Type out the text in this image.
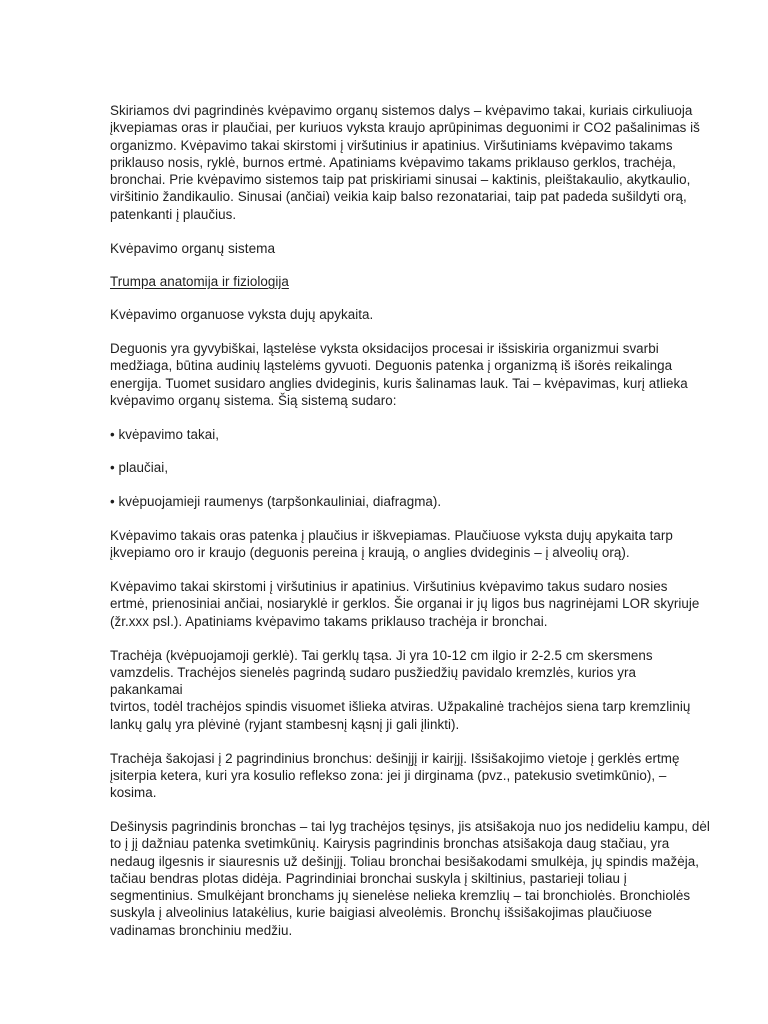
Skiriamos dvi pagrindinės kvėpavimo organų sistemos dalys – kvėpavimo takai, kuriais cirkuliuoja
įkvepiamas oras ir plaučiai, per kuriuos vyksta kraujo aprūpinimas deguonimi ir CO2 pašalinimas iš
organizmo. Kvėpavimo takai skirstomi į viršutinius ir apatinius. Viršutiniams kvėpavimo takams
priklauso nosis, ryklė, burnos ertmė. Apatiniams kvėpavimo takams priklauso gerklos, trachėja,
bronchai. Prie kvėpavimo sistemos taip pat priskiriami sinusai – kaktinis, pleištakaulio, akytkaulio,
viršitinio žandikaulio. Sinusai (ančiai) veikia kaip balso rezonatariai, taip pat padeda sušildyti orą,
patenkanti į plaučius.

Kvėpavimo organų sistema

Trumpa anatomija ir fiziologija

Kvėpavimo organuose vyksta dujų apykaita.

Deguonis yra gyvybiškai, ląstelėse vyksta oksidacijos procesai ir išsiskiria organizmui svarbi
medžiaga, būtina audinių ląstelėms gyvuoti. Deguonis patenka į organizmą iš išorės reikalinga
energija. Tuomet susidaro anglies dvideginis, kuris šalinamas lauk. Tai – kvėpavimas, kurį atlieka
kvėpavimo organų sistema. Šią sistemą sudaro:

• kvėpavimo takai,

• plaučiai,

• kvėpuojamieji raumenys (tarpšonkauliniai, diafragma).

Kvėpavimo takais oras patenka į plaučius ir iškvepiamas. Plaučiuose vyksta dujų apykaita tarp
įkvepiamo oro ir kraujo (deguonis pereina į kraują, o anglies dvideginis – į alveolių orą).

Kvėpavimo takai skirstomi į viršutinius ir apatinius. Viršutinius kvėpavimo takus sudaro nosies
ertmė, prienosiniai ančiai, nosiaryklė ir gerklos. Šie organai ir jų ligos bus nagrinėjami LOR skyriuje
(žr.xxx psl.). Apatiniams kvėpavimo takams priklauso trachėja ir bronchai.

Trachėja (kvėpuojamoji gerklė). Tai gerklų tąsa. Ji yra 10-12 cm ilgio ir 2-2.5 cm skersmens
vamzdelis. Trachėjos sienelės pagrindą sudaro pusžiedžių pavidalo kremzlės, kurios yra pakankamai
tvirtos, todėl trachėjos spindis visuomet išlieka atviras. Užpakalinė trachėjos siena tarp kremzlinių
lankų galų yra plėvinė (ryjant stambesnį kąsnį ji gali įlinkti).

Trachėja šakojasi į 2 pagrindinius bronchus: dešinįjį ir kairįjį. Išsišakojimo vietoje į gerklės ertmę
įsiterpia ketera, kuri yra kosulio reflekso zona: jei ji dirginama (pvz., patekusio svetimkūnio), –
kosima.

Dešinysis pagrindinis bronchas – tai lyg trachėjos tęsinys, jis atsišakoja nuo jos nedideliu kampu, dėl
to į jį dažniau patenka svetimkūnių. Kairysis pagrindinis bronchas atsišakoja daug stačiau, yra
nedaug ilgesnis ir siauresnis už dešinįjį. Toliau bronchai besišakodami smulkėja, jų spindis mažėja,
tačiau bendras plotas didėja. Pagrindiniai bronchai suskyla į skiltinius, pastarieji toliau į
segmentinius. Smulkėjant bronchams jų sienelėse nelieka kremzlių – tai bronchiolės. Bronchiolės
suskyla į alveolinius latakėlius, kurie baigiasi alveolėmis. Bronchų išsišakojimas plaučiuose
vadinamas bronchiniu medžiu.
